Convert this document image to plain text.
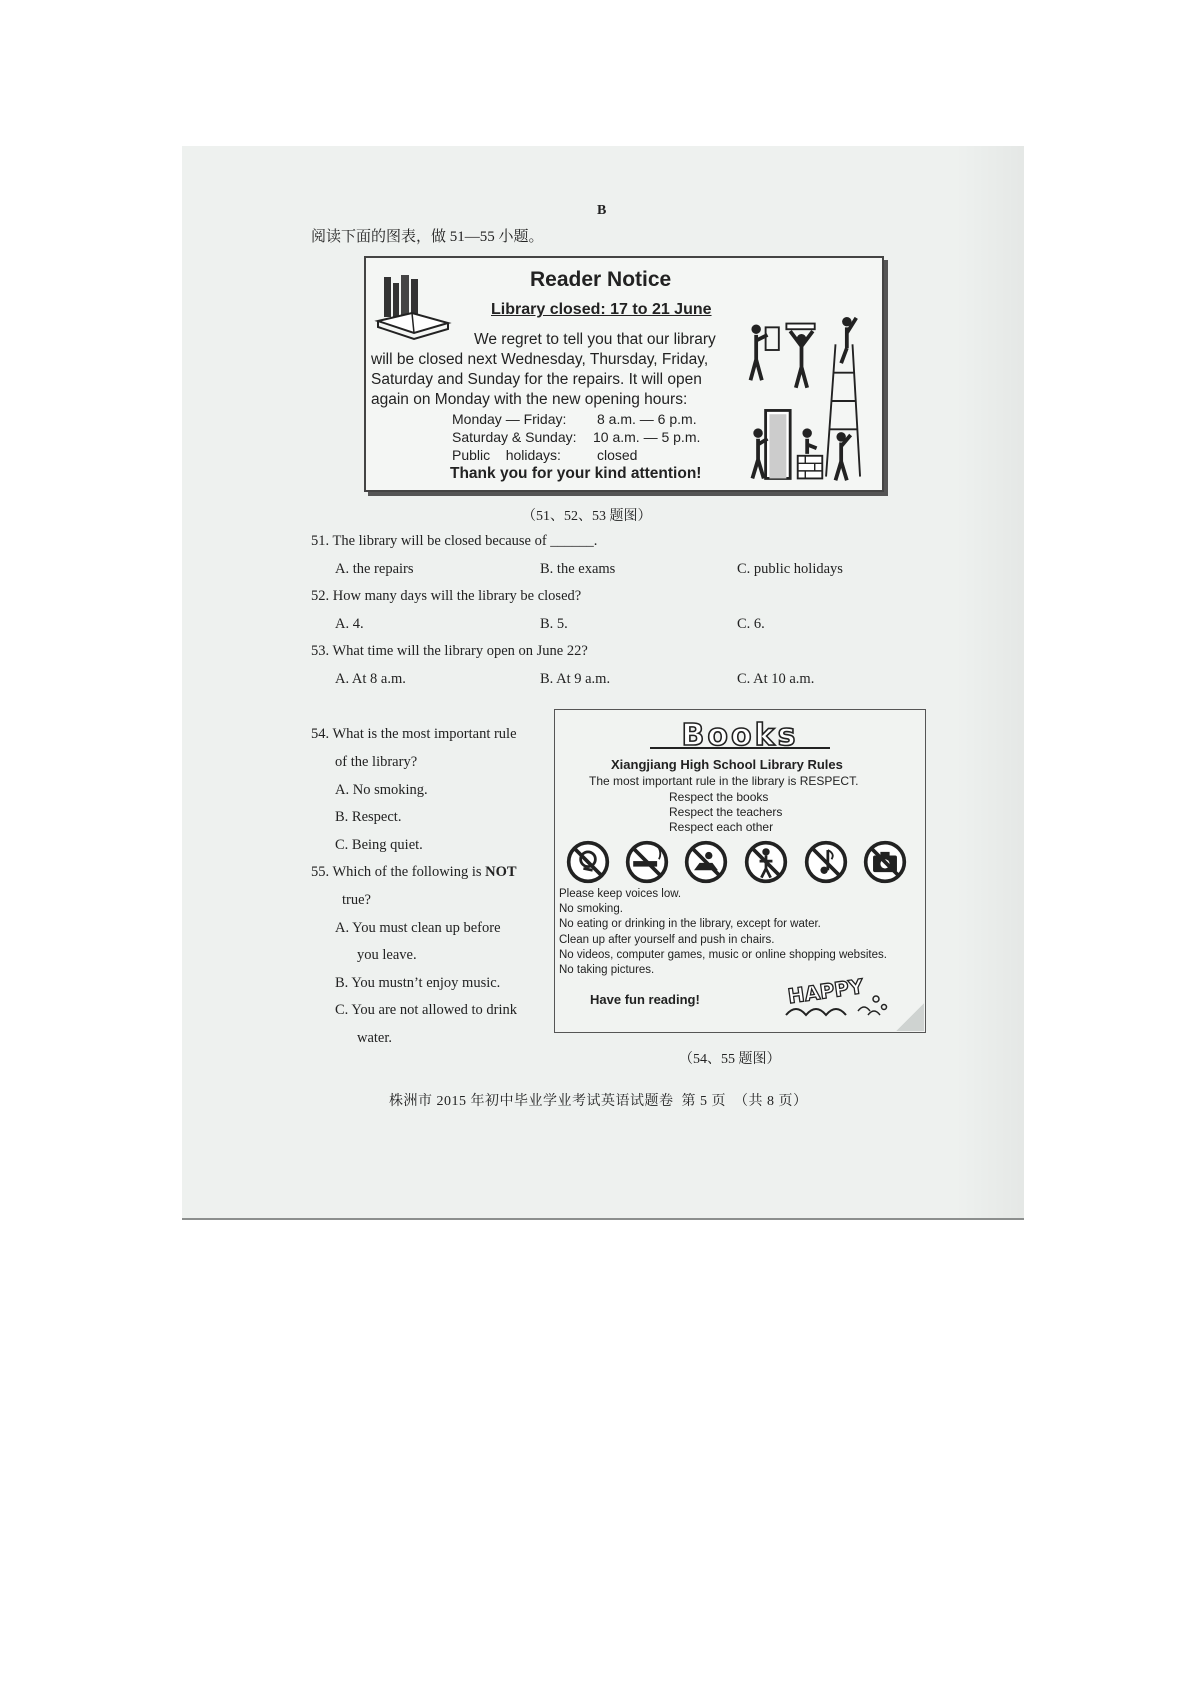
B
阅读下面的图表，做 51—55 小题。
Reader Notice
Library closed: 17 to 21 June
We regret to tell you that our library
will be closed next Wednesday, Thursday, Friday,
Saturday and Sunday for the repairs. It will open
again on Monday with the new opening hours:
Monday — Friday: 8 a.m. — 6 p.m.
Saturday & Sunday: 10 a.m. — 5 p.m.
Public    holidays:	closed
Thank you for your kind attention!
（51、52、53 题图）
51. The library will be closed because of ______.
A. the repairs	B. the exams	C. public holidays
52. How many days will the library be closed?
A. 4.	B. 5.	C. 6.
53. What time will the library open on June 22?
A. At 8 a.m.	B. At 9 a.m.	C. At 10 a.m.
54. What is the most important rule
of the library?
A. No smoking.
B. Respect.
C. Being quiet.
55. Which of the following is NOT
true?
A. You must clean up before
you leave.
B. You mustn’t enjoy music.
C. You are not allowed to drink
water.
Books
Xiangjiang High School Library Rules
The most important rule in the library is RESPECT.
Respect the books
Respect the teachers
Respect each other
Please keep voices low.
No smoking.
No eating or drinking in the library, except for water.
Clean up after yourself and push in chairs.
No videos, computer games, music or online shopping websites.
No taking pictures.
Have fun reading!	HAPPY
（54、55 题图）
株洲市 2015 年初中毕业学业考试英语试题卷  第 5 页  （共 8 页）
